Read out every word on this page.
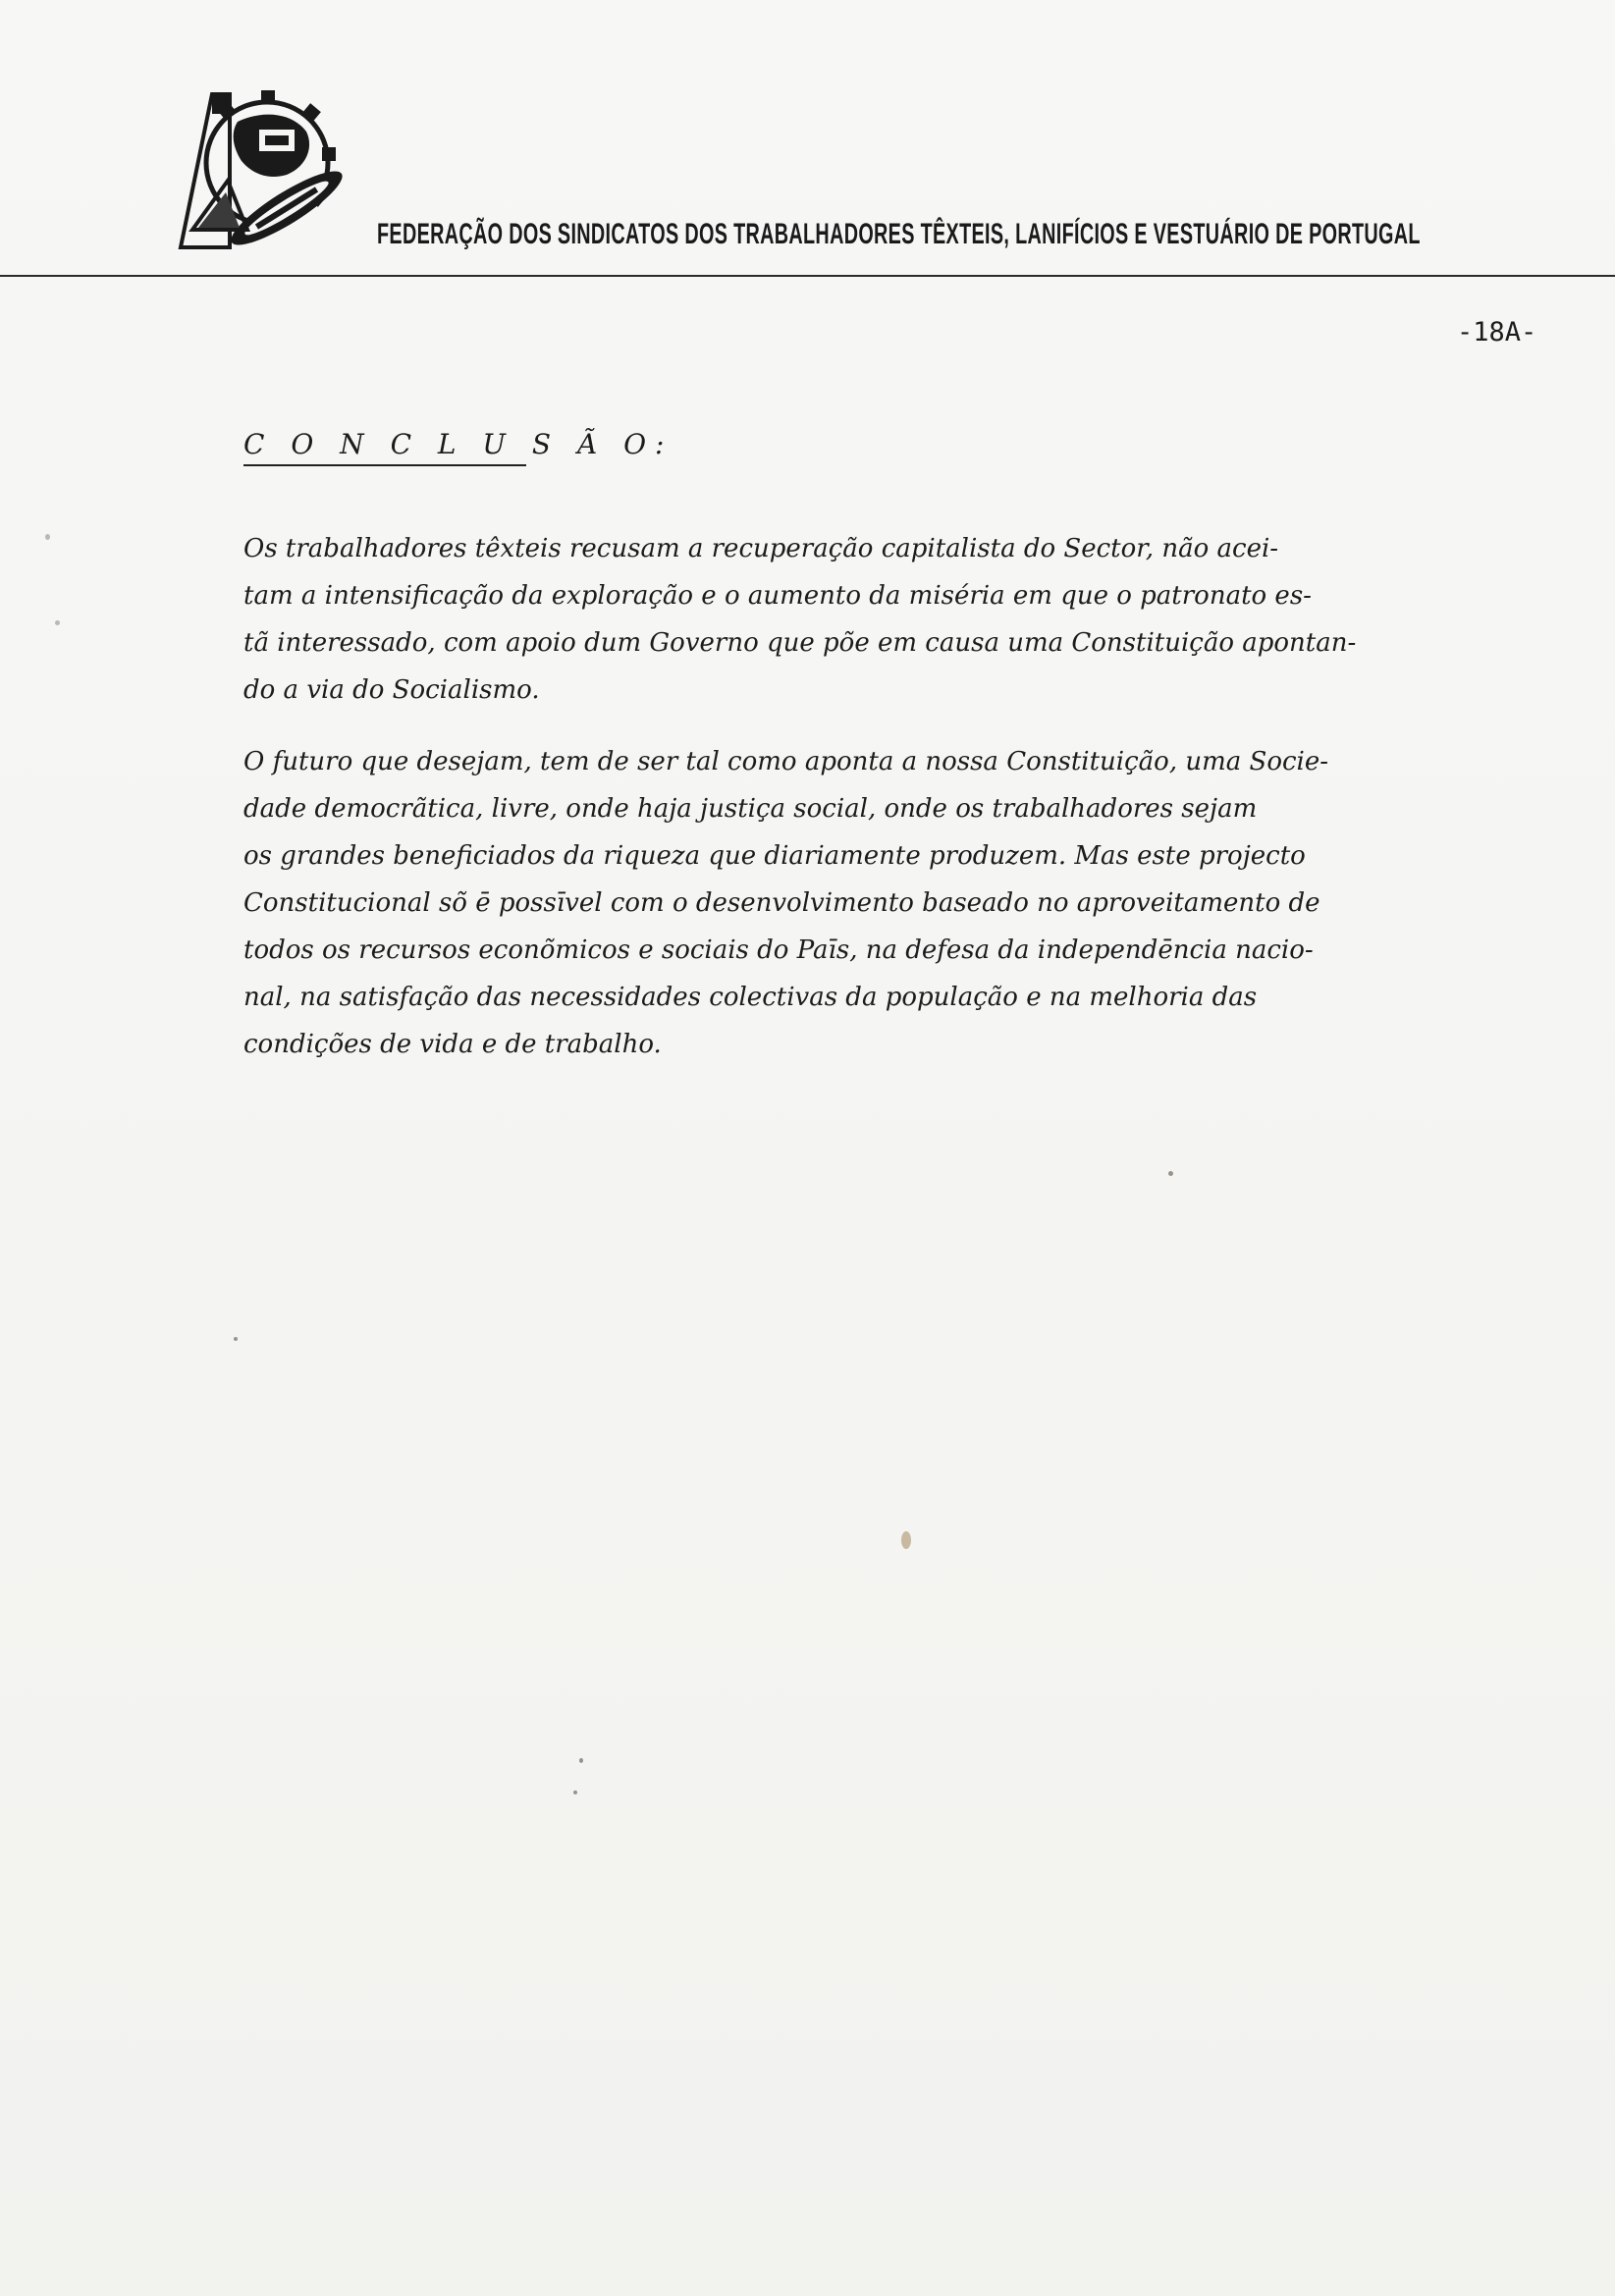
FEDERAÇÃO DOS SINDICATOS DOS TRABALHADORES TÊXTEIS, LANIFÍCIOS E VESTUÁRIO DE PORTUGAL
-18A-
C O N C L U S Ã O:
Os trabalhadores têxteis recusam a recuperação capitalista do Sector, não acei-
tam a intensificação da exploração e o aumento da miséria em que o patronato es-
tã interessado, com apoio dum Governo que põe em causa uma Constituição apontan-
do a via do Socialismo.
O futuro que desejam, tem de ser tal como aponta a nossa Constituição, uma Socie-
dade democrãtica, livre, onde haja justiça social, onde os trabalhadores sejam
os grandes beneficiados da riqueza que diariamente produzem. Mas este projecto
Constitucional sõ ē possīvel com o desenvolvimento baseado no aproveitamento de
todos os recursos econõmicos e sociais do Paīs, na defesa da independēncia nacio-
nal, na satisfação das necessidades colectivas da população e na melhoria das
condições de vida e de trabalho.
